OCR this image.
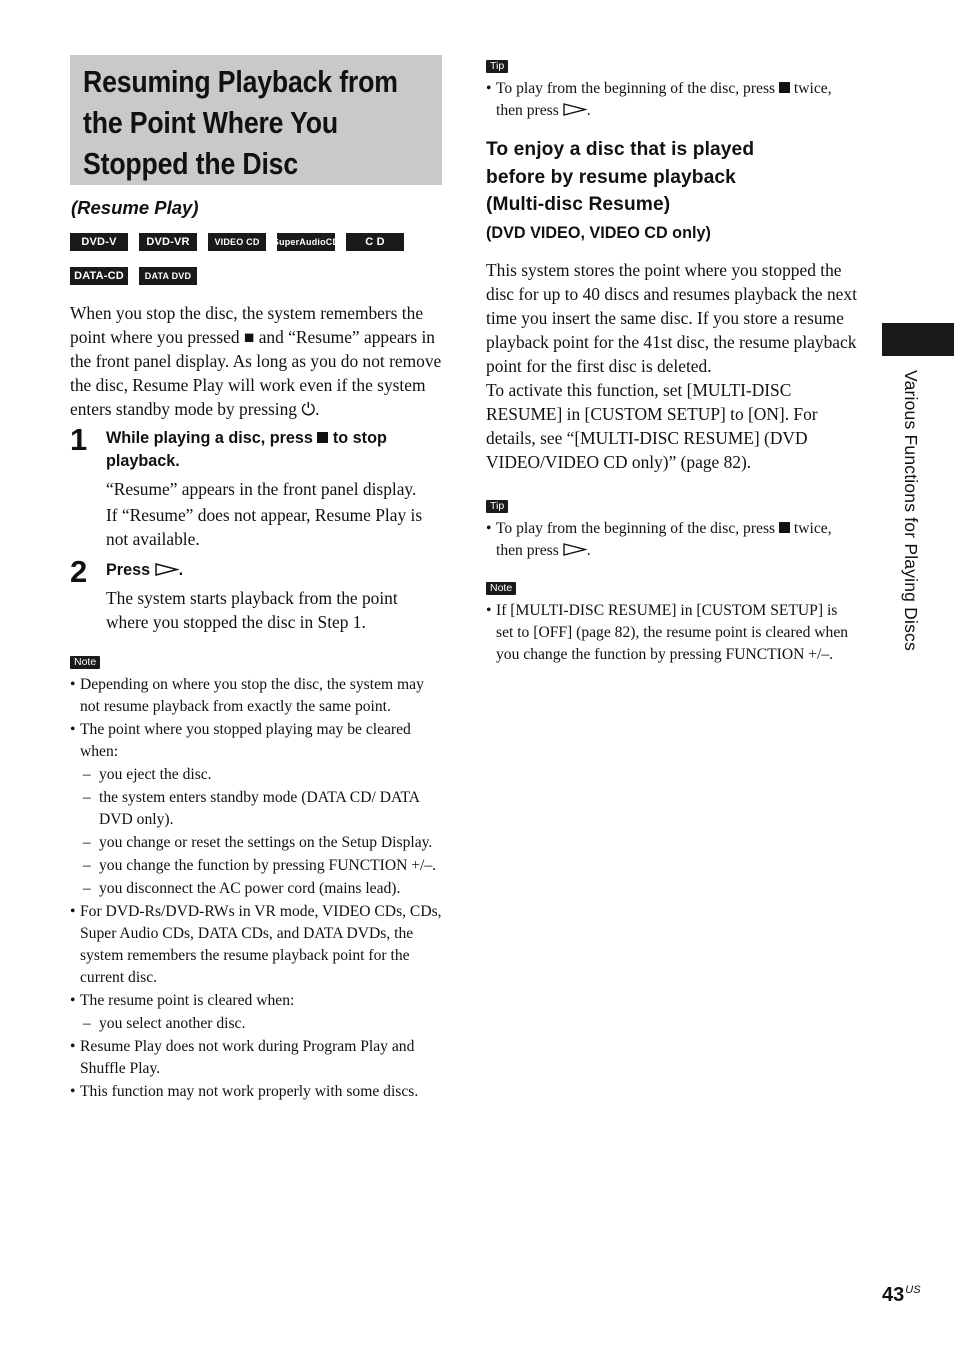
Resuming Playback from
the Point Where You
Stopped the Disc
(Resume Play)
DVD-V	DVD-VR	VIDEO CD	SuperAudioCD	C D
DATA-CD	DATA DVD
When you stop the disc, the system remembers the point where you pressed ■ and “Resume” appears in the front panel display. As long as you do not remove the disc, Resume Play will work even if the system enters standby mode by pressing ⏻.
1 While playing a disc, press to stop playback.

“Resume” appears in the front panel display.

If “Resume” does not appear, Resume Play is not available.

2 Press .

The system starts playback from the point where you stopped the disc in Step 1.

Note
• Depending on where you stop the disc, the system may not resume playback from exactly the same point.
• The point where you stopped playing may be cleared when:
– you eject the disc.
– the system enters standby mode (DATA CD/ DATA DVD only).
– you change or reset the settings on the Setup Display.
– you change the function by pressing FUNCTION +/–.
– you disconnect the AC power cord (mains lead).
• For DVD-Rs/DVD-RWs in VR mode, VIDEO CDs, CDs, Super Audio CDs, DATA CDs, and DATA DVDs, the system remembers the resume playback point for the current disc.
• The resume point is cleared when:
– you select another disc.
• Resume Play does not work during Program Play and Shuffle Play.
• This function may not work properly with some discs.
Tip
• To play from the beginning of the disc, press twice, then press .
To enjoy a disc that is played
before by resume playback
(Multi-disc Resume)
(DVD VIDEO, VIDEO CD only)
This system stores the point where you stopped the disc for up to 40 discs and resumes playback the next time you insert the same disc. If you store a resume playback point for the 41st disc, the resume playback point for the first disc is deleted.
To activate this function, set [MULTI-DISC RESUME] in [CUSTOM SETUP] to [ON]. For details, see “[MULTI-DISC RESUME] (DVD VIDEO/VIDEO CD only)” (page 82).
Tip
• To play from the beginning of the disc, press twice, then press .
Note
• If [MULTI-DISC RESUME] in [CUSTOM SETUP] is set to [OFF] (page 82), the resume point is cleared when you change the function by pressing FUNCTION +/–.
Various Functions for Playing Discs
$43^{US}$
